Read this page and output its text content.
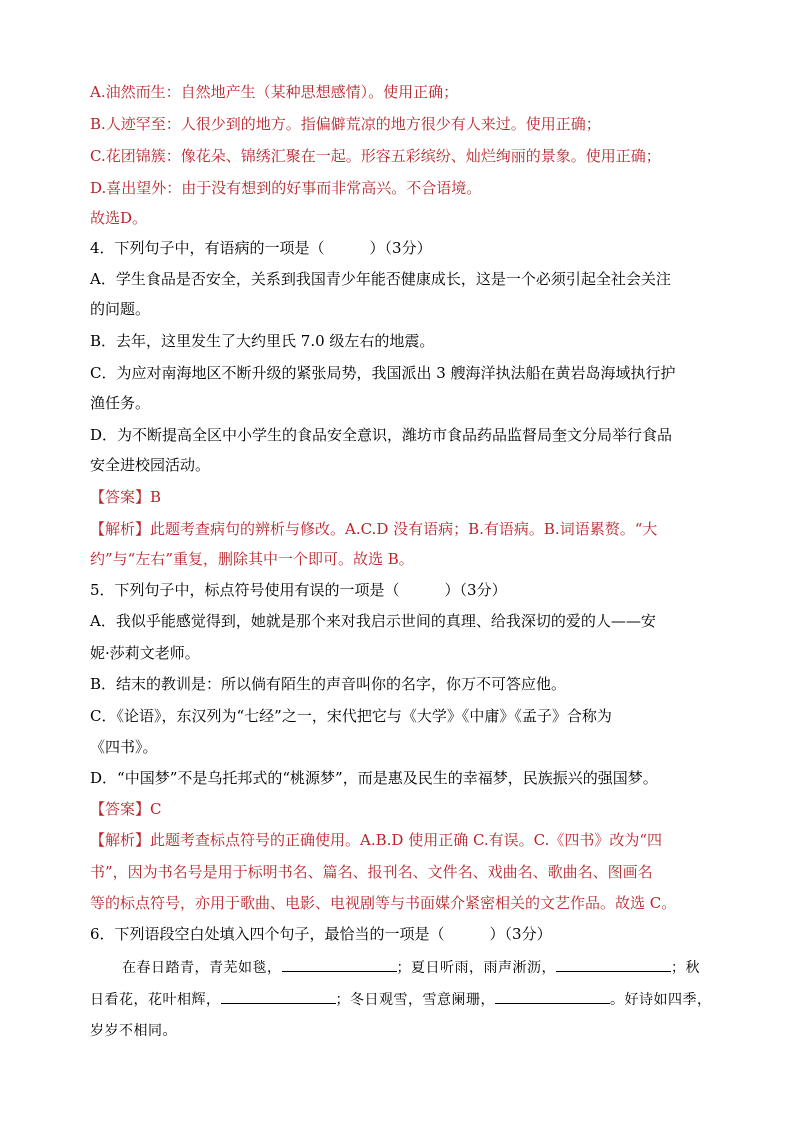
A.油然而生：自然地产生（某种思想感情）。使用正确；
B.人迹罕至：人很少到的地方。指偏僻荒凉的地方很少有人来过。使用正确；
C.花团锦簇：像花朵、锦绣汇聚在一起。形容五彩缤纷、灿烂绚丽的景象。使用正确；
D.喜出望外：由于没有想到的好事而非常高兴。不合语境。
故选D。
4．下列句子中，有语病的一项是（　　　）（3分）
A．学生食品是否安全，关系到我国青少年能否健康成长，这是一个必须引起全社会关注
的问题。
B．去年，这里发生了大约里氏 7.0 级左右的地震。
C．为应对南海地区不断升级的紧张局势，我国派出 3 艘海洋执法船在黄岩岛海域执行护
渔任务。
D．为不断提高全区中小学生的食品安全意识，潍坊市食品药品监督局奎文分局举行食品
安全进校园活动。
【答案】B
【解析】此题考查病句的辨析与修改。A.C.D 没有语病；B.有语病。B.词语累赘。“大
约”与“左右”重复，删除其中一个即可。故选 B。
5．下列句子中，标点符号使用有误的一项是（　　　）（3分）
A．我似乎能感觉得到，她就是那个来对我启示世间的真理、给我深切的爱的人——安
妮·莎莉文老师。
B．结末的教训是：所以倘有陌生的声音叫你的名字，你万不可答应他。
C．《论语》，东汉列为“七经”之一，宋代把它与《大学》《中庸》《孟子》合称为
《四书》。
D．“中国梦”不是乌托邦式的“桃源梦”，而是惠及民生的幸福梦，民族振兴的强国梦。
【答案】C
【解析】此题考查标点符号的正确使用。A.B.D 使用正确 C.有误。C.《四书》改为“四
书”，因为书名号是用于标明书名、篇名、报刊名、文件名、戏曲名、歌曲名、图画名
等的标点符号，亦用于歌曲、电影、电视剧等与书面媒介紧密相关的文艺作品。故选 C。
6．下列语段空白处填入四个句子，最恰当的一项是（　　　）（3分）
在春日踏青，青芜如毯，	；夏日听雨，雨声淅沥，	；秋
日看花，花叶相辉，	；冬日观雪，雪意阑珊，	。好诗如四季，
岁岁不相同。
